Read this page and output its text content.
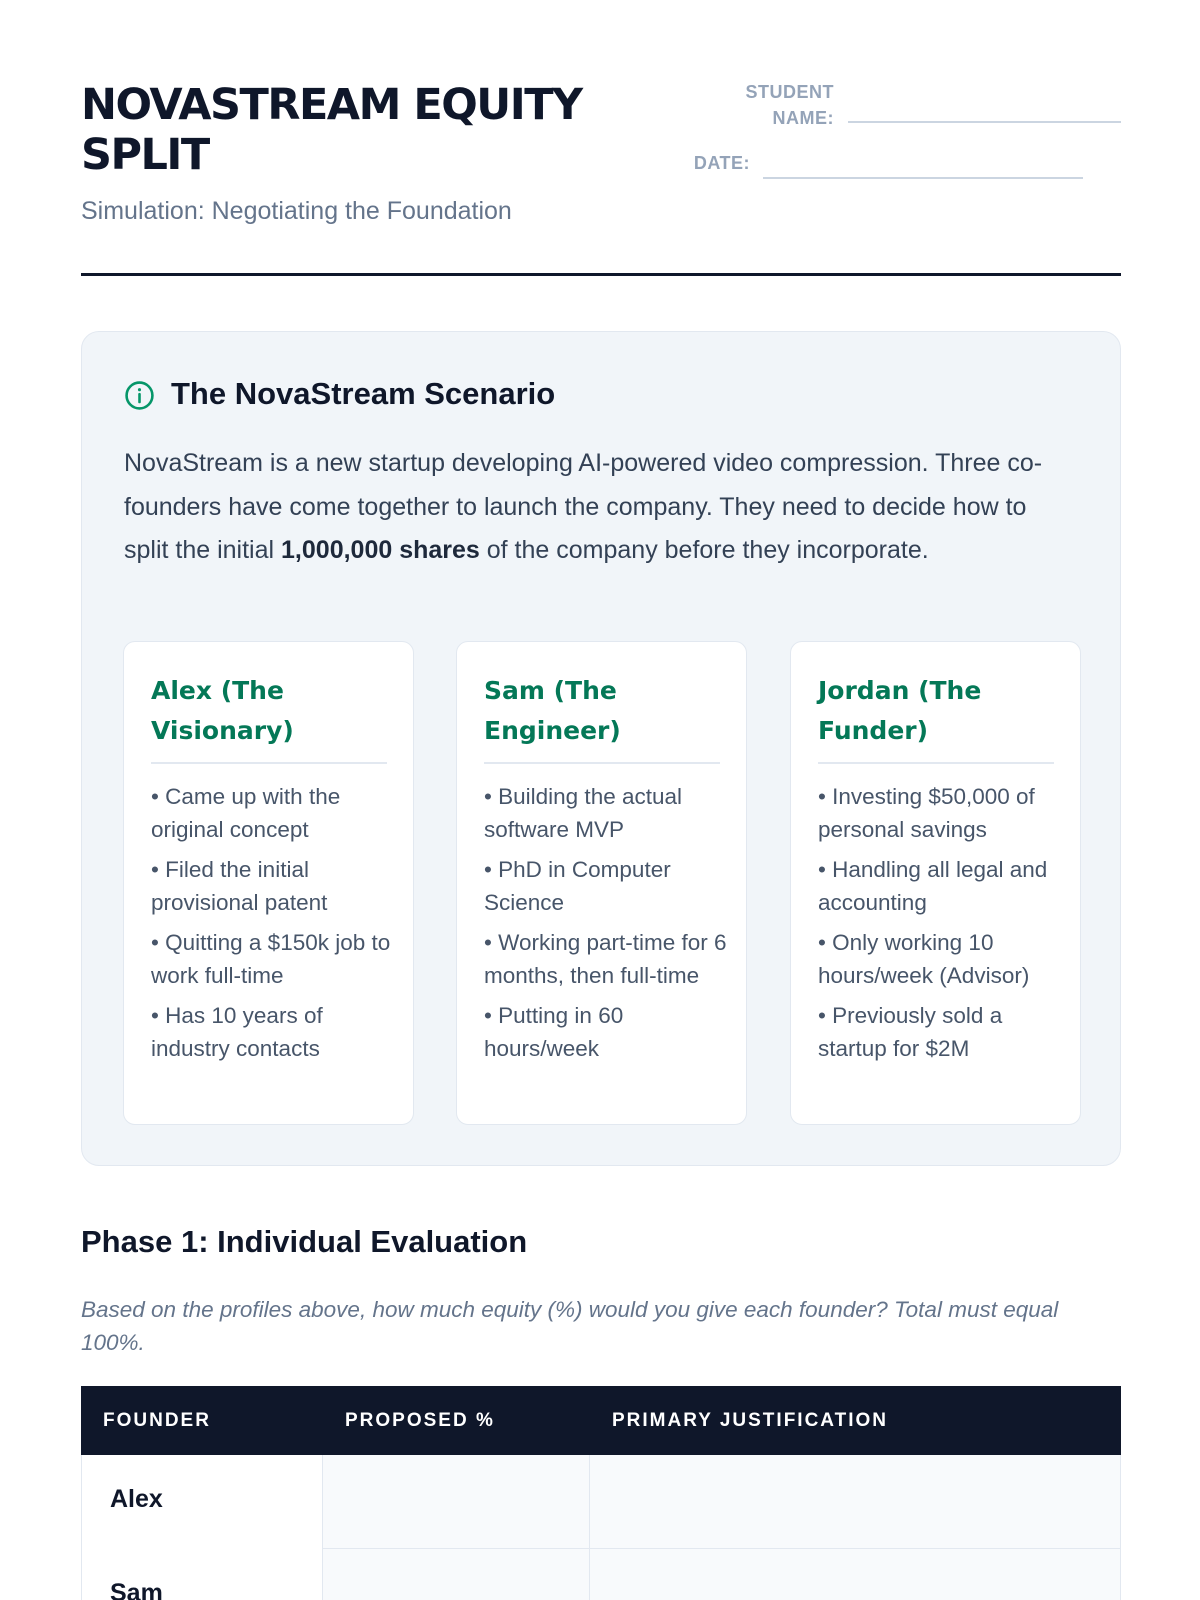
NOVASTREAM EQUITY SPLIT
Simulation: Negotiating the Foundation
STUDENT NAME:
DATE:
The NovaStream Scenario

NovaStream is a new startup developing AI-powered video compression. Three co-founders have come together to launch the company. They need to decide how to split the initial 1,000,000 shares of the company before they incorporate.

Alex (The Visionary)
• Came up with the original concept
• Filed the initial provisional patent
• Quitting a $150k job to work full-time
• Has 10 years of industry contacts
Sam (The Engineer)
• Building the actual software MVP
• PhD in Computer Science
• Working part-time for 6 months, then full-time
• Putting in 60 hours/week
Jordan (The Funder)
• Investing $50,000 of personal savings
• Handling all legal and accounting
• Only working 10 hours/week (Advisor)
• Previously sold a startup for $2M
Phase 1: Individual Evaluation
Based on the profiles above, how much equity (%) would you give each founder? Total must equal 100%.
FOUNDER	PROPOSED %	PRIMARY JUSTIFICATION
Alex
Sam
